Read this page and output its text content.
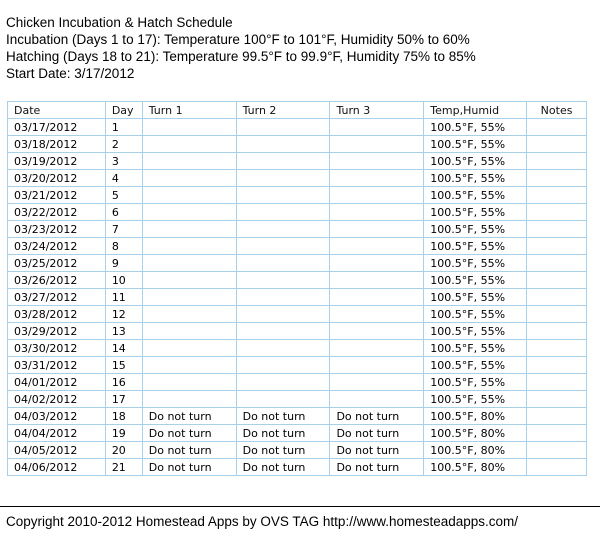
Chicken Incubation & Hatch Schedule
Incubation (Days 1 to 17): Temperature 100°F to 101°F, Humidity 50% to 60%
Hatching (Days 18 to 21): Temperature 99.5°F to 99.9°F, Humidity 75% to 85%
Start Date: 3/17/2012
Date	Day	Turn 1	Turn 2	Turn 3	Temp,Humid	Notes
03/17/2012	1				100.5°F, 55%	
03/18/2012	2				100.5°F, 55%	
03/19/2012	3				100.5°F, 55%	
03/20/2012	4				100.5°F, 55%	
03/21/2012	5				100.5°F, 55%	
03/22/2012	6				100.5°F, 55%	
03/23/2012	7				100.5°F, 55%	
03/24/2012	8				100.5°F, 55%	
03/25/2012	9				100.5°F, 55%	
03/26/2012	10				100.5°F, 55%	
03/27/2012	11				100.5°F, 55%	
03/28/2012	12				100.5°F, 55%	
03/29/2012	13				100.5°F, 55%	
03/30/2012	14				100.5°F, 55%	
03/31/2012	15				100.5°F, 55%	
04/01/2012	16				100.5°F, 55%	
04/02/2012	17				100.5°F, 55%	
04/03/2012	18	Do not turn	Do not turn	Do not turn	100.5°F, 80%	
04/04/2012	19	Do not turn	Do not turn	Do not turn	100.5°F, 80%	
04/05/2012	20	Do not turn	Do not turn	Do not turn	100.5°F, 80%	
04/06/2012	21	Do not turn	Do not turn	Do not turn	100.5°F, 80%	
Copyright 2010-2012 Homestead Apps by OVS TAG http://www.homesteadapps.com/
